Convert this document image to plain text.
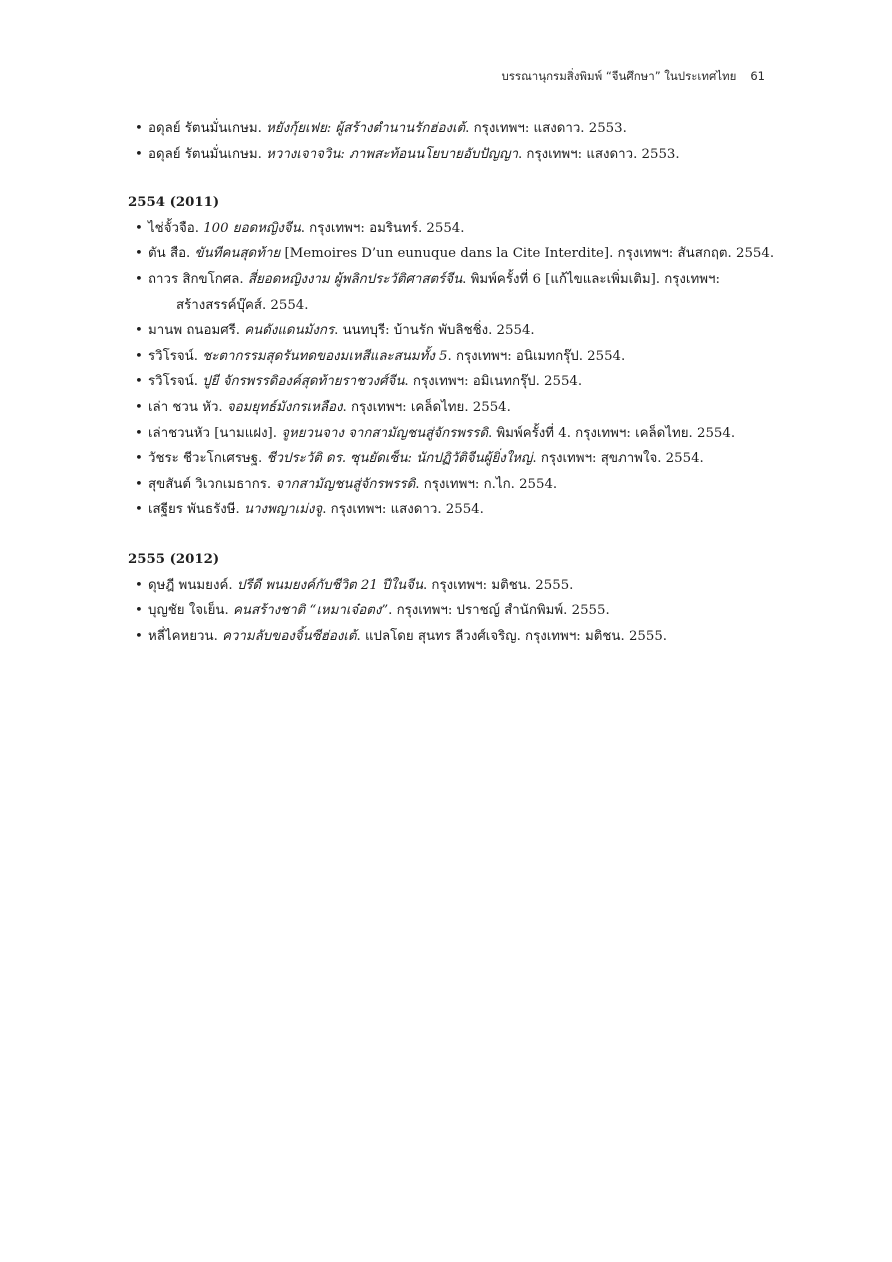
บรรณานุกรมสิ่งพิมพ์ “จีนศึกษา” ในประเทศไทย 61
• อดุลย์ รัตนมั่นเกษม. หยังกุ้ยเฟย: ผู้สร้างตำนานรักฮ่องเต้. กรุงเทพฯ: แสงดาว. 2553.
• อดุลย์ รัตนมั่นเกษม. หวางเจาจวิน: ภาพสะท้อนนโยบายอับปัญญา. กรุงเทพฯ: แสงดาว. 2553.
2554 (2011)
• ไช่จั้วจือ. 100 ยอดหญิงจีน. กรุงเทพฯ: อมรินทร์. 2554.
• ตัน สือ. ขันทีคนสุดท้าย [Memoires D’un eunuque dans la Cite Interdite]. กรุงเทพฯ: สันสกฤต. 2554.
• ถาวร สิกขโกศล. สี่ยอดหญิงงาม ผู้พลิกประวัติศาสตร์จีน. พิมพ์ครั้งที่ 6 [แก้ไขและเพิ่มเติม]. กรุงเทพฯ:
สร้างสรรค์บุ๊คส์. 2554.
• มานพ ถนอมศรี. คนดังแดนมังกร. นนทบุรี: บ้านรัก พับลิชชิ่ง. 2554.
• รวิโรจน์. ชะตากรรมสุดรันทดของมเหสีและสนมทั้ง 5. กรุงเทพฯ: อนิเมทกรุ๊ป. 2554.
• รวิโรจน์. ปูยี จักรพรรดิองค์สุดท้ายราชวงศ์จีน. กรุงเทพฯ: อมิเนทกรุ๊ป. 2554.
• เล่า ชวน หัว. จอมยุทธ์มังกรเหลือง. กรุงเทพฯ: เคล็ดไทย. 2554.
• เล่าชวนหัว [นามแฝง]. จูหยวนจาง จากสามัญชนสู่จักรพรรดิ. พิมพ์ครั้งที่ 4. กรุงเทพฯ: เคล็ดไทย. 2554.
• วัชระ ชีวะโกเศรษฐ. ชีวประวัติ ดร. ซุนยัดเซ็น: นักปฏิวัติจีนผู้ยิ่งใหญ่. กรุงเทพฯ: สุขภาพใจ. 2554.
• สุขสันต์ วิเวกเมธากร. จากสามัญชนสู่จักรพรรดิ. กรุงเทพฯ: ก.ไก. 2554.
• เสฐียร พันธรังษี. นางพญาเม่งจู. กรุงเทพฯ: แสงดาว. 2554.
2555 (2012)
• ดุษฎี พนมยงค์. ปรีดี พนมยงค์กับชีวิต 21 ปีในจีน. กรุงเทพฯ: มติชน. 2555.
• บุญชัย ใจเย็น. คนสร้างชาติ “เหมาเจ๋อตง”. กรุงเทพฯ: ปราชญ์ สำนักพิมพ์. 2555.
• หลี่ไคหยวน. ความลับของจิ้นซีฮ่องเต้. แปลโดย สุนทร ลีวงศ์เจริญ. กรุงเทพฯ: มติชน. 2555.
